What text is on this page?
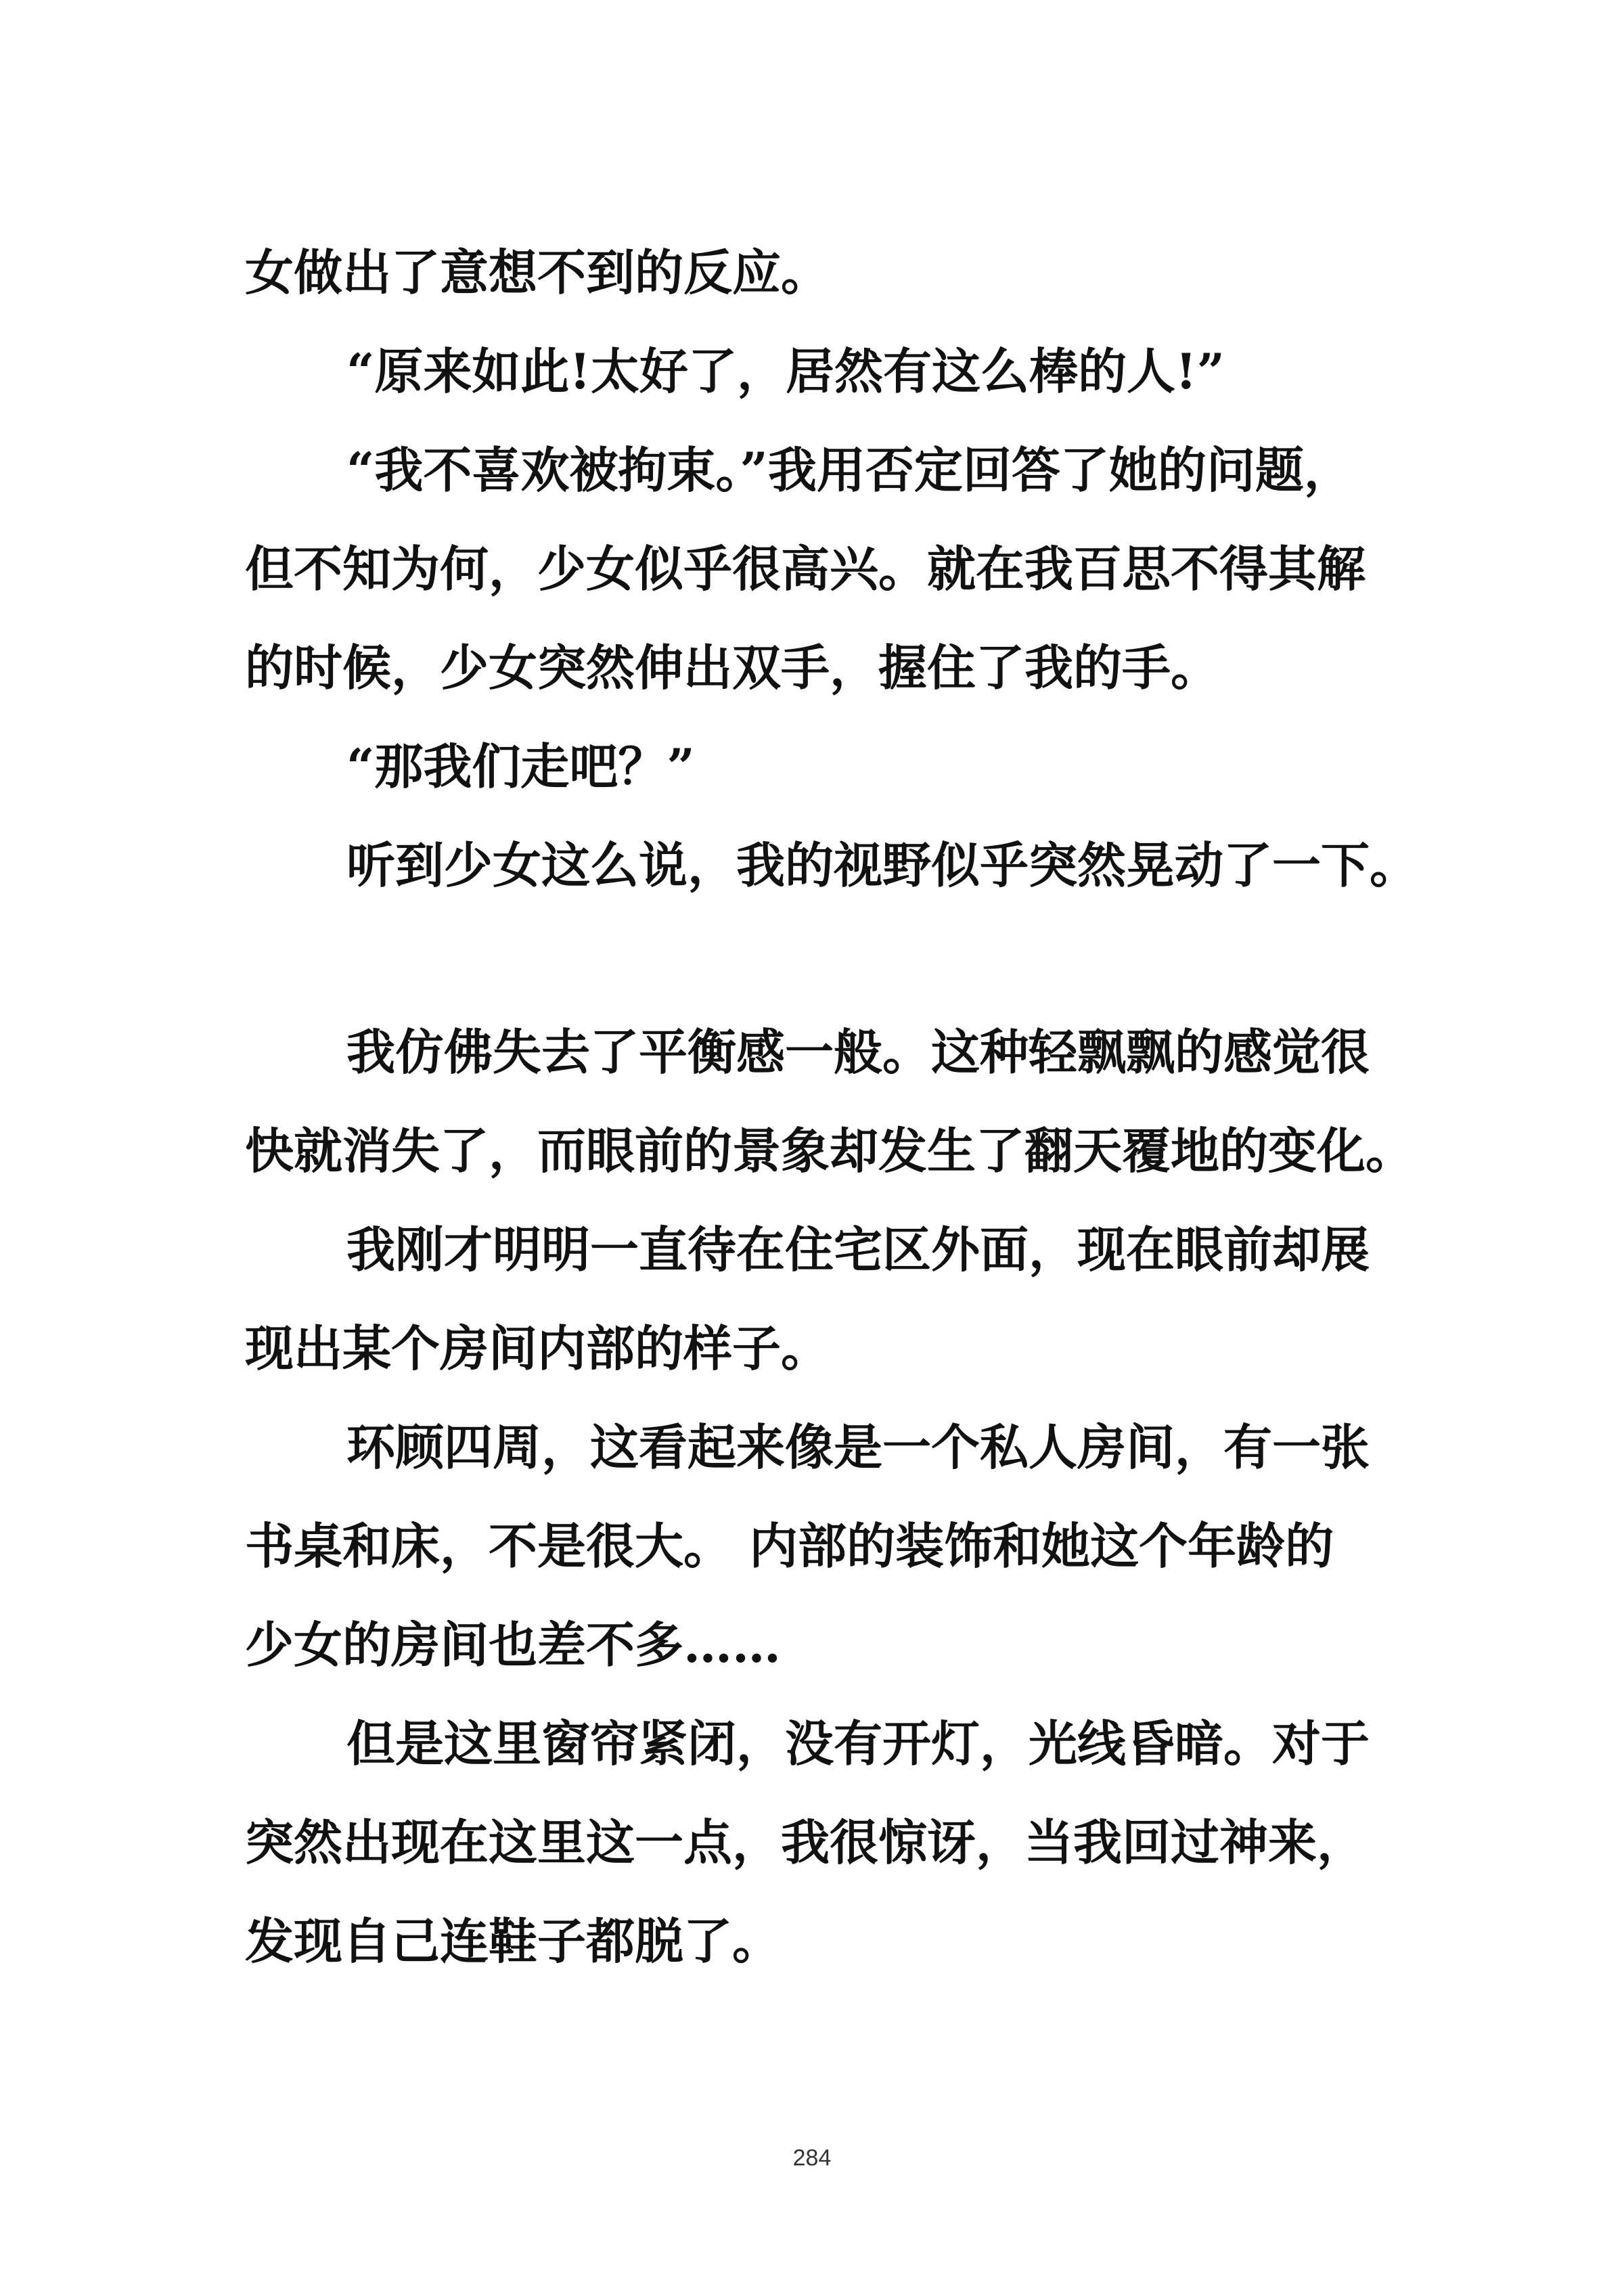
女做出了意想不到的反应。
“原来如此!太好了，居然有这么棒的人!”
“我不喜欢被拘束。”我用否定回答了她的问题，
但不知为何，少女似乎很高兴。就在我百思不得其解
的时候，少女突然伸出双手，握住了我的手。
“那我们走吧？”
听到少女这么说，我的视野似乎突然晃动了一下。
我仿佛失去了平衡感一般。这种轻飘飘的感觉很
快就消失了，而眼前的景象却发生了翻天覆地的变化。
我刚才明明一直待在住宅区外面，现在眼前却展
现出某个房间内部的样子。
环顾四周，这看起来像是一个私人房间，有一张
书桌和床，不是很大。 内部的装饰和她这个年龄的
少女的房间也差不多……
但是这里窗帘紧闭，没有开灯，光线昏暗。对于
突然出现在这里这一点，我很惊讶，当我回过神来，
发现自己连鞋子都脱了。
284
